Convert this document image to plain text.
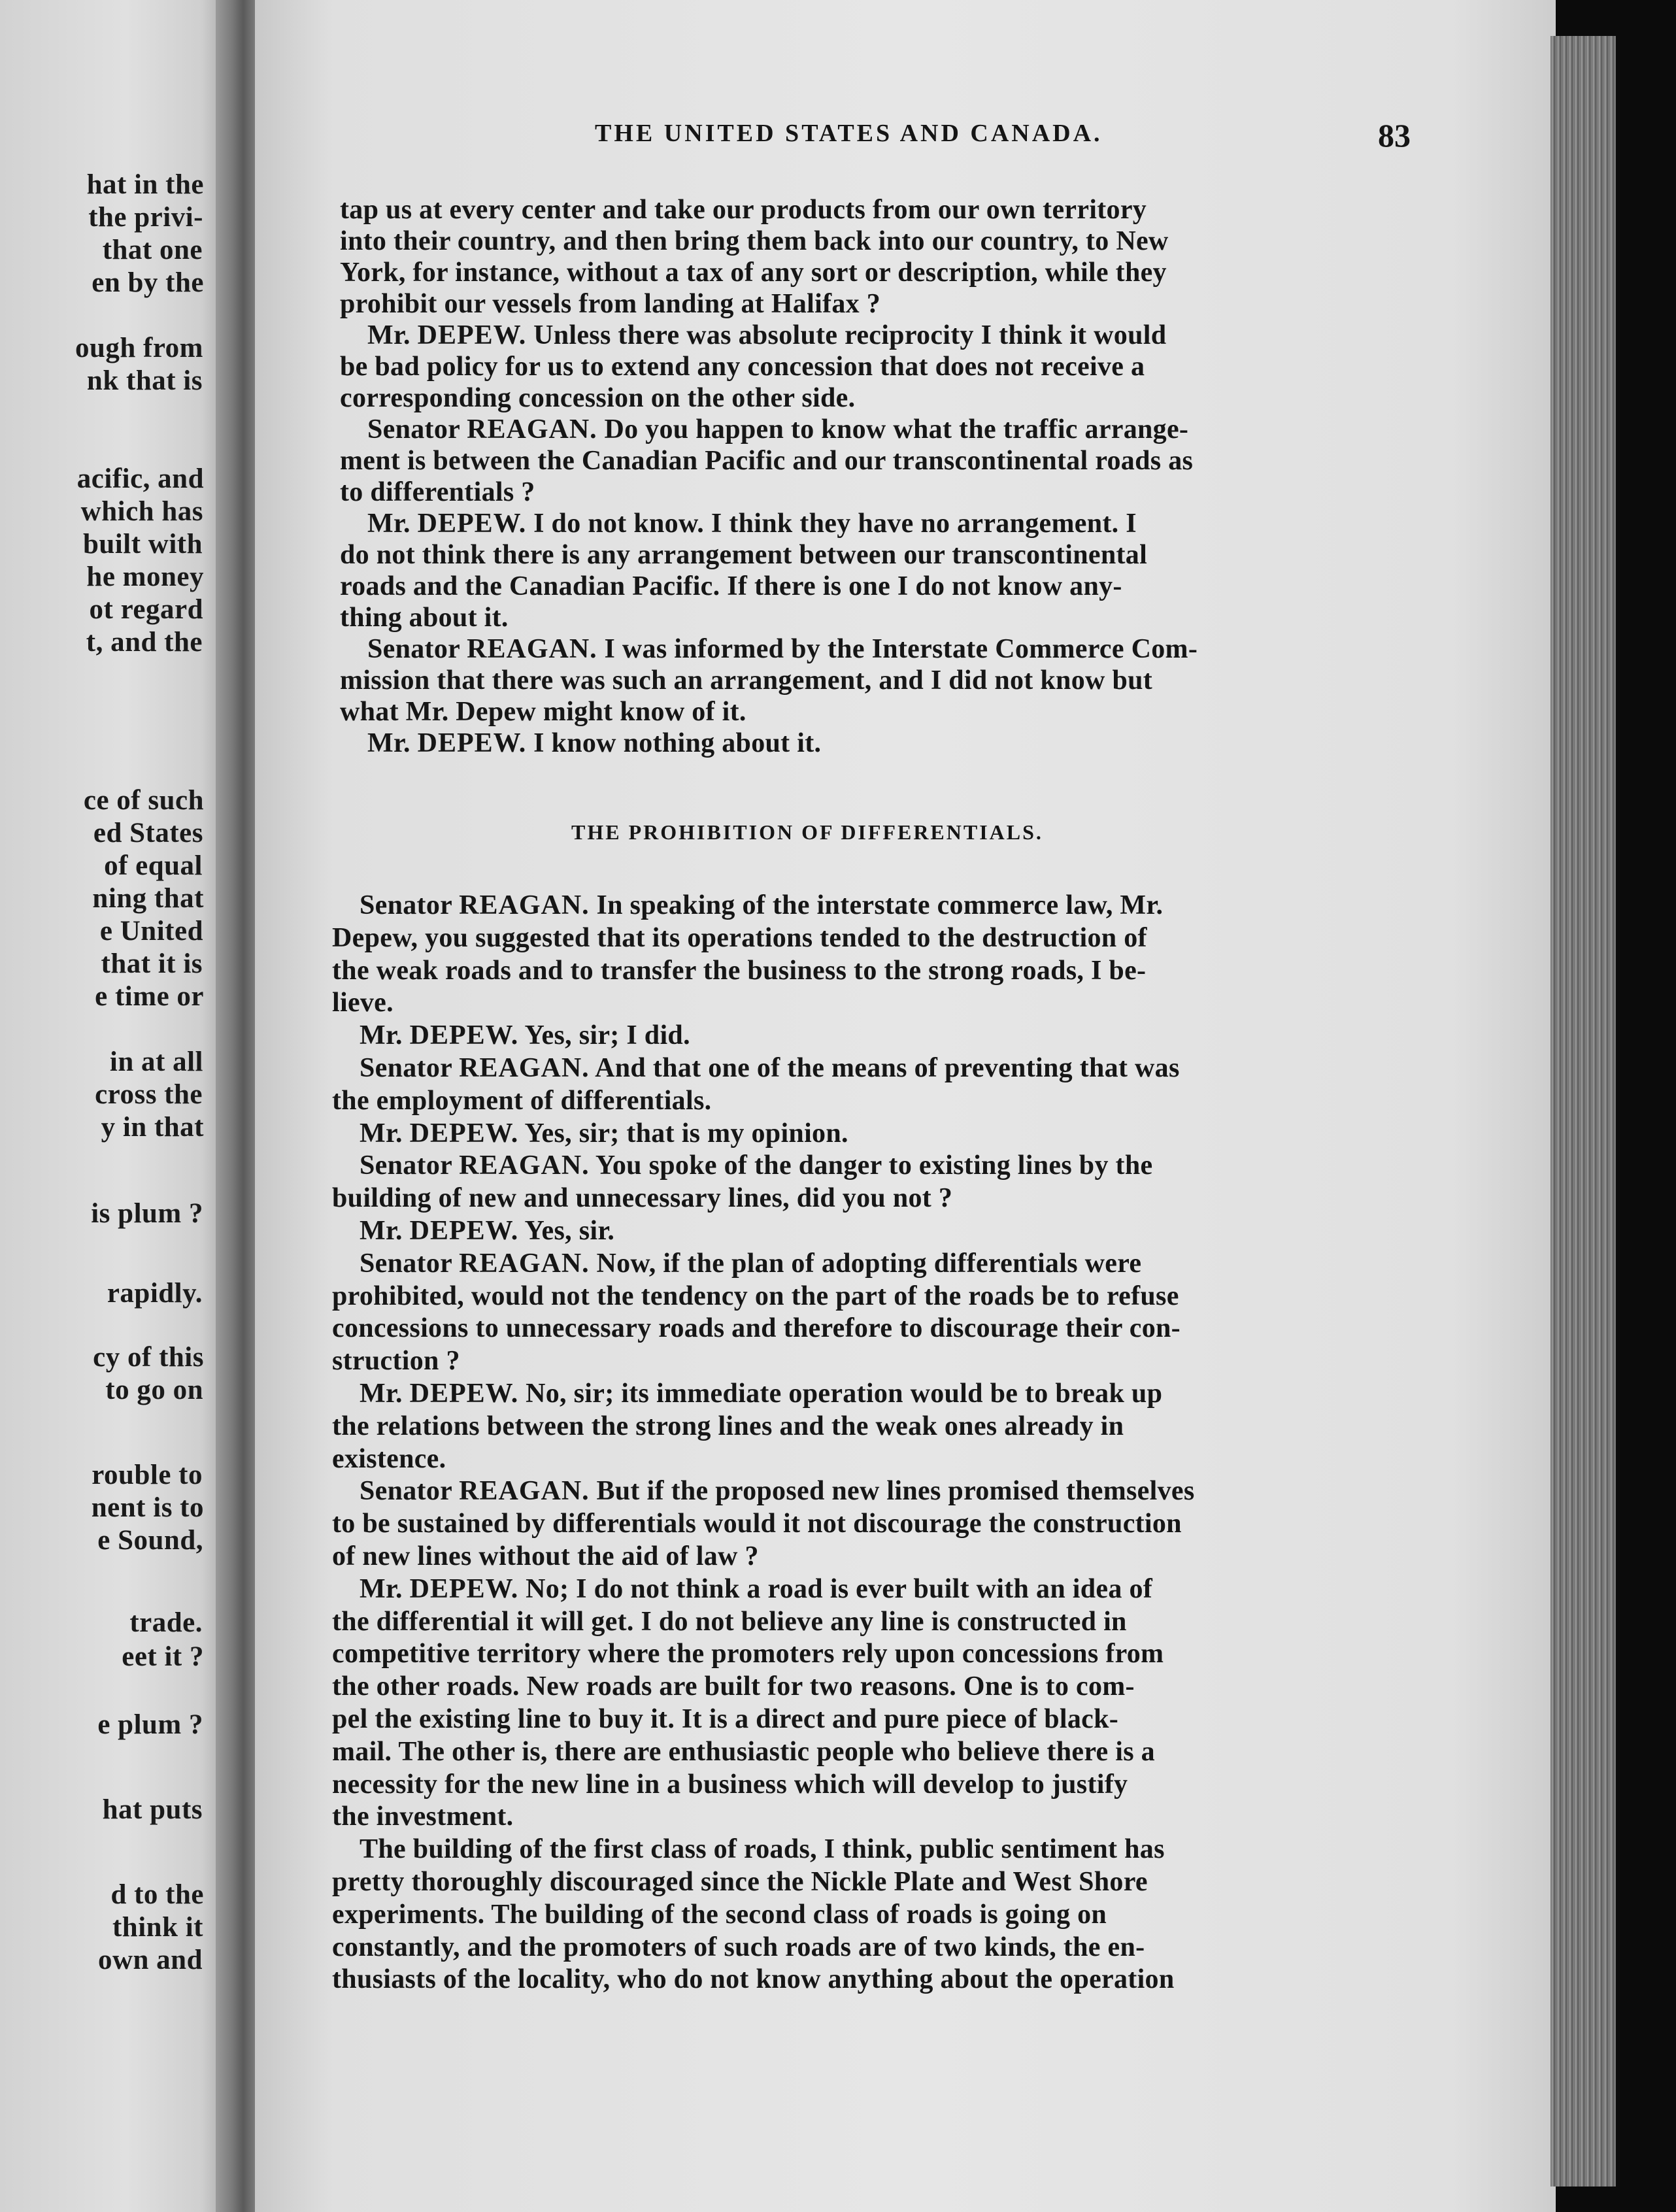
hat in the
the privi-
that one
en by the
ough from
nk that is
acific, and
which has
built with
he money
ot regard
t, and the
ce of such
ed States
of equal
ning that
e United
that it is
e time or
in at all
cross the
y in that
is plum ?
rapidly.
cy of this
to go on
rouble to
nent is to
e Sound,
trade.
eet it ?
e plum ?
hat puts
d to the
think it
own and
THE UNITED STATES AND CANADA.	83
THE PROHIBITION OF DIFFERENTIALS.
tap us at every center and take our products from our own territory
into their country, and then bring them back into our country, to New
York, for instance, without a tax of any sort or description, while they
prohibit our vessels from landing at Halifax ?
Mr. DEPEW. Unless there was absolute reciprocity I think it would
be bad policy for us to extend any concession that does not receive a
corresponding concession on the other side.
Senator REAGAN. Do you happen to know what the traffic arrange-
ment is between the Canadian Pacific and our transcontinental roads as
to differentials ?
Mr. DEPEW. I do not know. I think they have no arrangement. I
do not think there is any arrangement between our transcontinental
roads and the Canadian Pacific. If there is one I do not know any-
thing about it.
Senator REAGAN. I was informed by the Interstate Commerce Com-
mission that there was such an arrangement, and I did not know but
what Mr. Depew might know of it.
Mr. DEPEW. I know nothing about it.
Senator REAGAN. In speaking of the interstate commerce law, Mr.
Depew, you suggested that its operations tended to the destruction of
the weak roads and to transfer the business to the strong roads, I be-
lieve.
Mr. DEPEW. Yes, sir; I did.
Senator REAGAN. And that one of the means of preventing that was
the employment of differentials.
Mr. DEPEW. Yes, sir; that is my opinion.
Senator REAGAN. You spoke of the danger to existing lines by the
building of new and unnecessary lines, did you not ?
Mr. DEPEW. Yes, sir.
Senator REAGAN. Now, if the plan of adopting differentials were
prohibited, would not the tendency on the part of the roads be to refuse
concessions to unnecessary roads and therefore to discourage their con-
struction ?
Mr. DEPEW. No, sir; its immediate operation would be to break up
the relations between the strong lines and the weak ones already in
existence.
Senator REAGAN. But if the proposed new lines promised themselves
to be sustained by differentials would it not discourage the construction
of new lines without the aid of law ?
Mr. DEPEW. No; I do not think a road is ever built with an idea of
the differential it will get. I do not believe any line is constructed in
competitive territory where the promoters rely upon concessions from
the other roads. New roads are built for two reasons. One is to com-
pel the existing line to buy it. It is a direct and pure piece of black-
mail. The other is, there are enthusiastic people who believe there is a
necessity for the new line in a business which will develop to justify
the investment.
The building of the first class of roads, I think, public sentiment has
pretty thoroughly discouraged since the Nickle Plate and West Shore
experiments. The building of the second class of roads is going on
constantly, and the promoters of such roads are of two kinds, the en-
thusiasts of the locality, who do not know anything about the operation
